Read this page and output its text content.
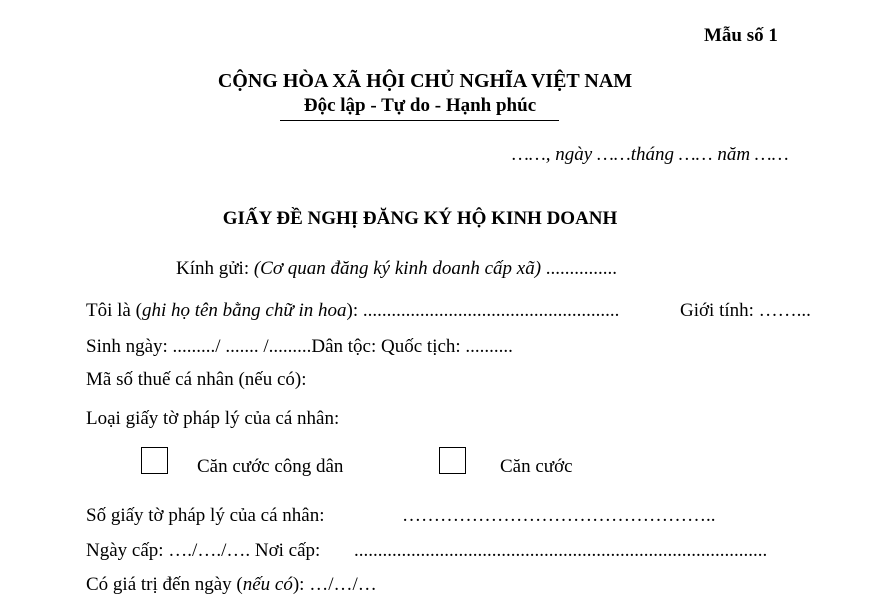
Mẫu số 1
CỘNG HÒA XÃ HỘI CHỦ NGHĨA VIỆT NAM
Độc lập - Tự do - Hạnh phúc
……, ngày ……tháng …… năm ……
GIẤY ĐỀ NGHỊ ĐĂNG KÝ HỘ KINH DOANH
Kính gửi: (Cơ quan đăng ký kinh doanh cấp xã) ...............
Tôi là (ghi họ tên bằng chữ in hoa): ......................................................	Giới tính: ……...
Sinh ngày: ........./ ....... /.........Dân tộc: Quốc tịch: ..........
Mã số thuế cá nhân (nếu có):
Loại giấy tờ pháp lý của cá nhân:
Căn cước công dân	Căn cước
Số giấy tờ pháp lý của cá nhân:	…………………………………………..
Ngày cấp: …./…./…. Nơi cấp: .......................................................................................
Có giá trị đến ngày (nếu có): …/…/…
